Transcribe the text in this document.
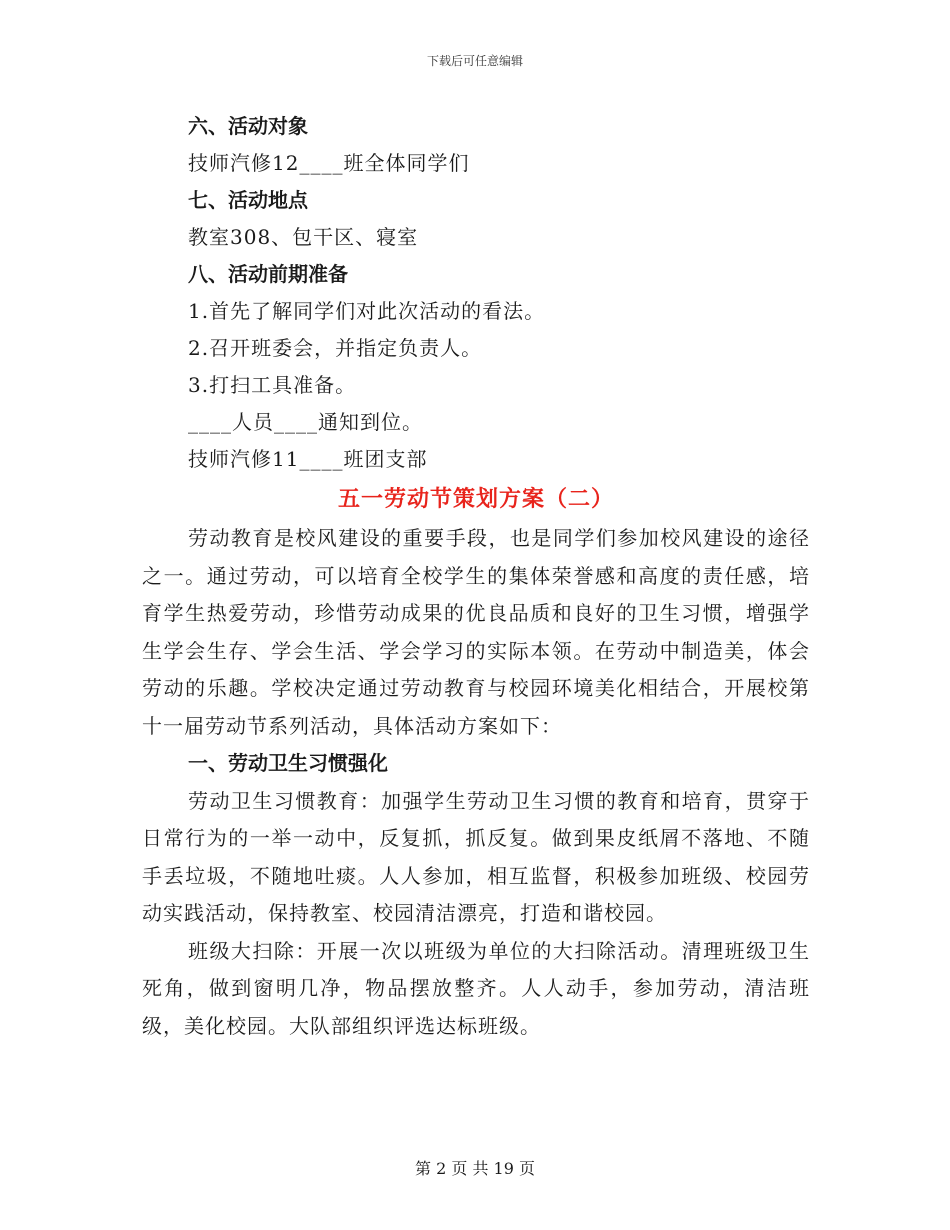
下载后可任意编辑
六、活动对象
技师汽修12____班全体同学们
七、活动地点
教室308、包干区、寝室
八、活动前期准备
1.首先了解同学们对此次活动的看法。
2.召开班委会，并指定负责人。
3.打扫工具准备。
____人员____通知到位。
技师汽修11____班团支部
五一劳动节策划方案（二）

劳动教育是校风建设的重要手段，也是同学们参加校风建设的途径之一。通过劳动，可以培育全校学生的集体荣誉感和高度的责任感，培育学生热爱劳动，珍惜劳动成果的优良品质和良好的卫生习惯，增强学生学会生存、学会生活、学会学习的实际本领。在劳动中制造美，体会劳动的乐趣。学校决定通过劳动教育与校园环境美化相结合，开展校第十一届劳动节系列活动，具体活动方案如下：

一、劳动卫生习惯强化

劳动卫生习惯教育：加强学生劳动卫生习惯的教育和培育，贯穿于日常行为的一举一动中，反复抓，抓反复。做到果皮纸屑不落地、不随手丢垃圾，不随地吐痰。人人参加，相互监督，积极参加班级、校园劳动实践活动，保持教室、校园清洁漂亮，打造和谐校园。

班级大扫除：开展一次以班级为单位的大扫除活动。清理班级卫生死角，做到窗明几净，物品摆放整齐。人人动手，参加劳动，清洁班级，美化校园。大队部组织评选达标班级。

第 2 页 共 19 页
